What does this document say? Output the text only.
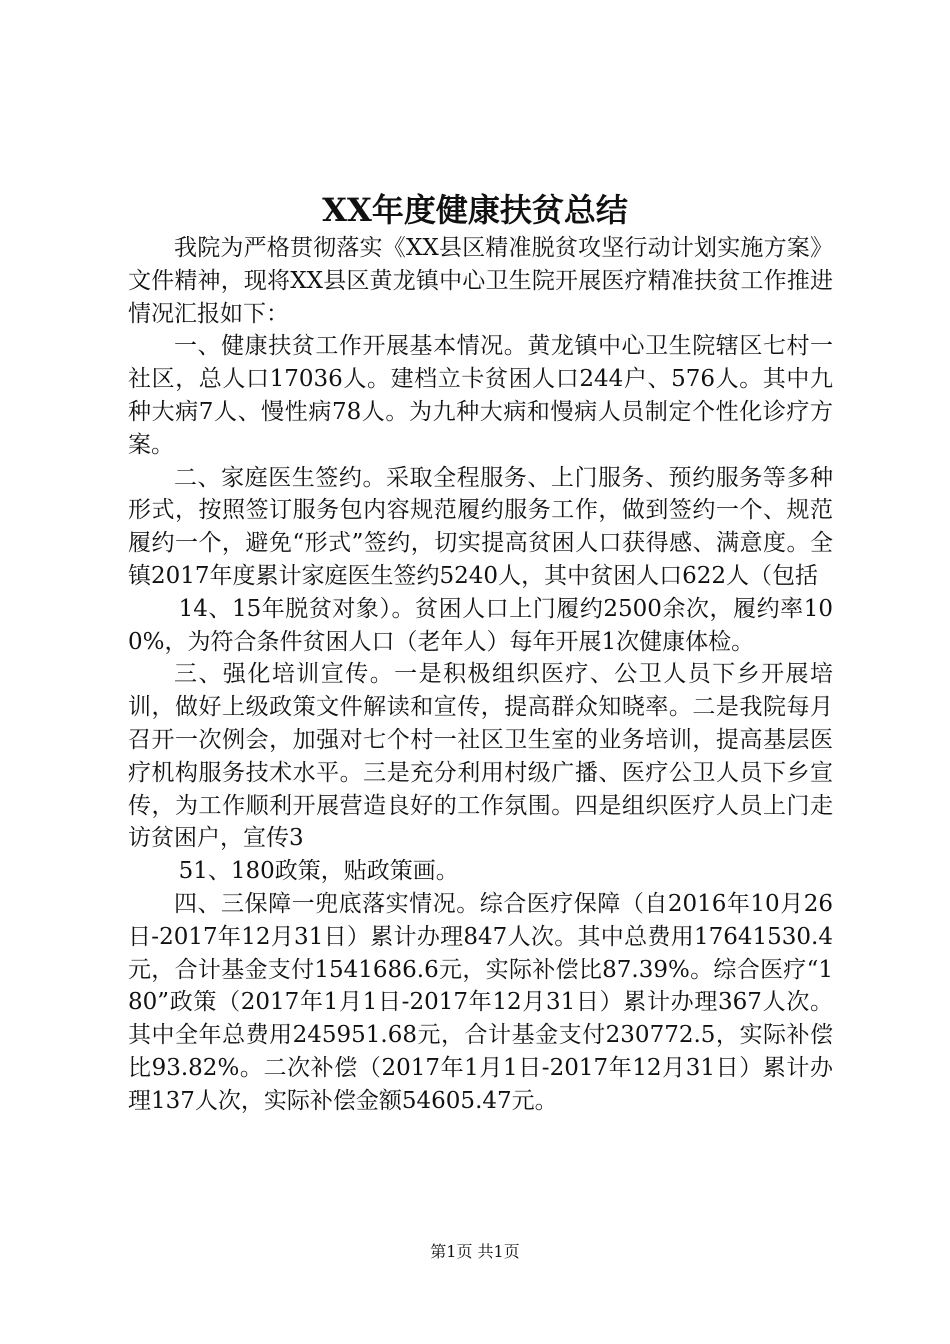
XX年度健康扶贫总结

我院为严格贯彻落实《XX县区精准脱贫攻坚行动计划实施方案》文件精神，现将XX县区黄龙镇中心卫生院开展医疗精准扶贫工作推进情况汇报如下：

一、健康扶贫工作开展基本情况。黄龙镇中心卫生院辖区七村一社区，总人口17036人。建档立卡贫困人口244户、576人。其中九种大病7人、慢性病78人。为九种大病和慢病人员制定个性化诊疗方案。

二、家庭医生签约。采取全程服务、上门服务、预约服务等多种形式，按照签订服务包内容规范履约服务工作，做到签约一个、规范履约一个，避免“形式”签约，切实提高贫困人口获得感、满意度。全镇2017年度累计家庭医生签约5240人，其中贫困人口622人（包括

14、15年脱贫对象）。贫困人口上门履约2500余次，履约率100%，为符合条件贫困人口（老年人）每年开展1次健康体检。

三、强化培训宣传。一是积极组织医疗、公卫人员下乡开展培训，做好上级政策文件解读和宣传，提高群众知晓率。二是我院每月召开一次例会，加强对七个村一社区卫生室的业务培训，提高基层医疗机构服务技术水平。三是充分利用村级广播、医疗公卫人员下乡宣传，为工作顺利开展营造良好的工作氛围。四是组织医疗人员上门走访贫困户，宣传3

51、180政策，贴政策画。

四、三保障一兜底落实情况。综合医疗保障（自2016年10月26日-2017年12月31日）累计办理847人次。其中总费用17641530.4元，合计基金支付1541686.6元，实际补偿比87.39%。综合医疗“180”政策（2017年1月1日-2017年12月31日）累计办理367人次。其中全年总费用245951.68元，合计基金支付230772.5，实际补偿比93.82%。二次补偿（2017年1月1日-2017年12月31日）累计办理137人次，实际补偿金额54605.47元。

第1页 共1页
